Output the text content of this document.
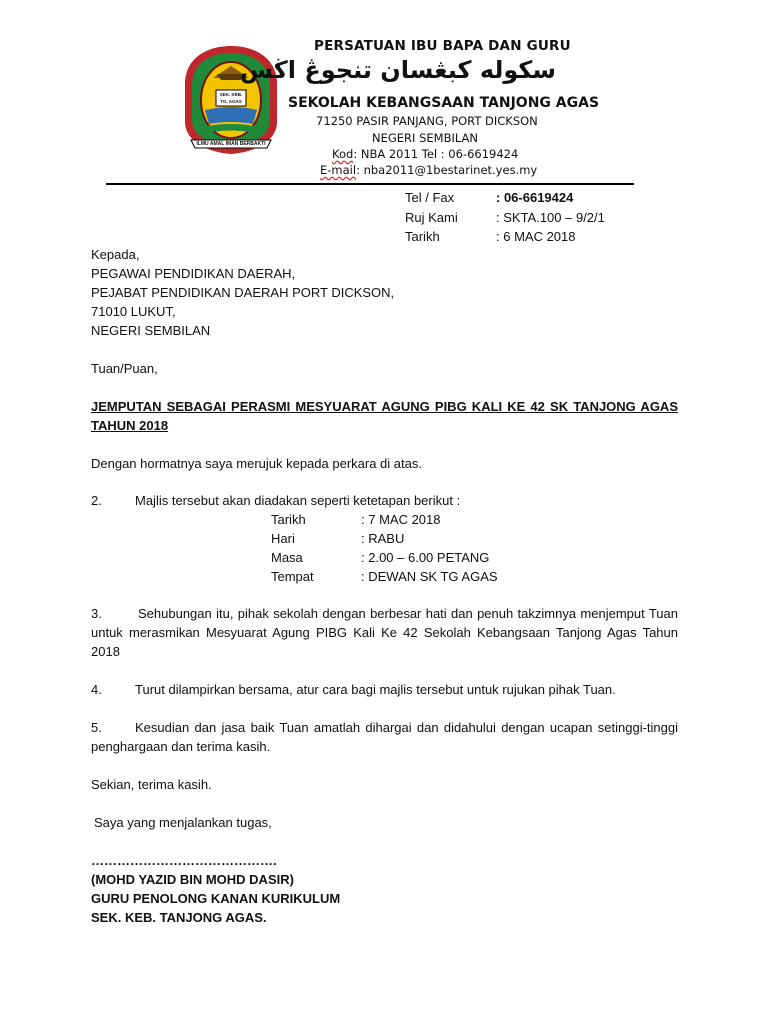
SEK. KEB. TG. AGAS
ILMU AMAL IMAN BERBAKTI
PERSATUAN IBU BAPA DAN GURU
سکوله کبڠسان تنجوڠ اڬس
SEKOLAH KEBANGSAAN TANJONG AGAS
71250 PASIR PANJANG, PORT DICKSON
NEGERI SEMBILAN
Kod: NBA 2011 Tel : 06-6619424
E-mail: nba2011@1bestarinet.yes.my
Tel / Fax	: 06-6619424
Ruj Kami	: SKTA.100 – 9/2/1
Tarikh	: 6 MAC 2018
Kepada,
PEGAWAI PENDIDIKAN DAERAH,
PEJABAT PENDIDIKAN DAERAH PORT DICKSON,
71010 LUKUT,
NEGERI SEMBILAN
Tuan/Puan,
JEMPUTAN SEBAGAI PERASMI MESYUARAT AGUNG PIBG KALI KE 42 SK TANJONG AGAS TAHUN 2018
Dengan hormatnya saya merujuk kepada perkara di atas.
2.	Majlis tersebut akan diadakan seperti ketetapan berikut :
Tarikh	: 7 MAC 2018
Hari	: RABU
Masa	: 2.00 – 6.00 PETANG
Tempat	: DEWAN SK TG AGAS
3.	Sehubungan itu, pihak sekolah dengan berbesar hati dan penuh takzimnya menjemput Tuan untuk merasmikan Mesyuarat Agung PIBG Kali Ke 42 Sekolah Kebangsaan Tanjong Agas Tahun 2018
4.	Turut dilampirkan bersama, atur cara bagi majlis tersebut untuk rujukan pihak Tuan.
5.	Kesudian dan jasa baik Tuan amatlah dihargai dan didahului dengan ucapan setinggi-tinggi penghargaan dan terima kasih.
Sekian, terima kasih.
Saya yang menjalankan tugas,
…………………………………….
(MOHD YAZID BIN MOHD DASIR)
GURU PENOLONG KANAN KURIKULUM
SEK. KEB. TANJONG AGAS.
